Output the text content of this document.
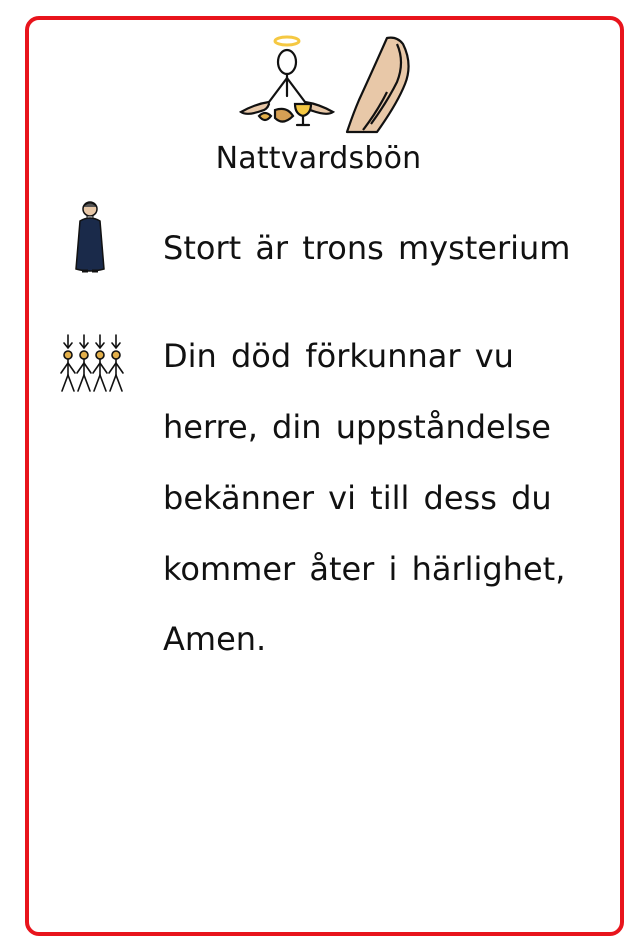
Nattvardsbön
Stort är trons mysterium
Din död förkunnar vu
herre, din uppståndelse
bekänner vi till dess du
kommer åter i härlighet,
Amen.
